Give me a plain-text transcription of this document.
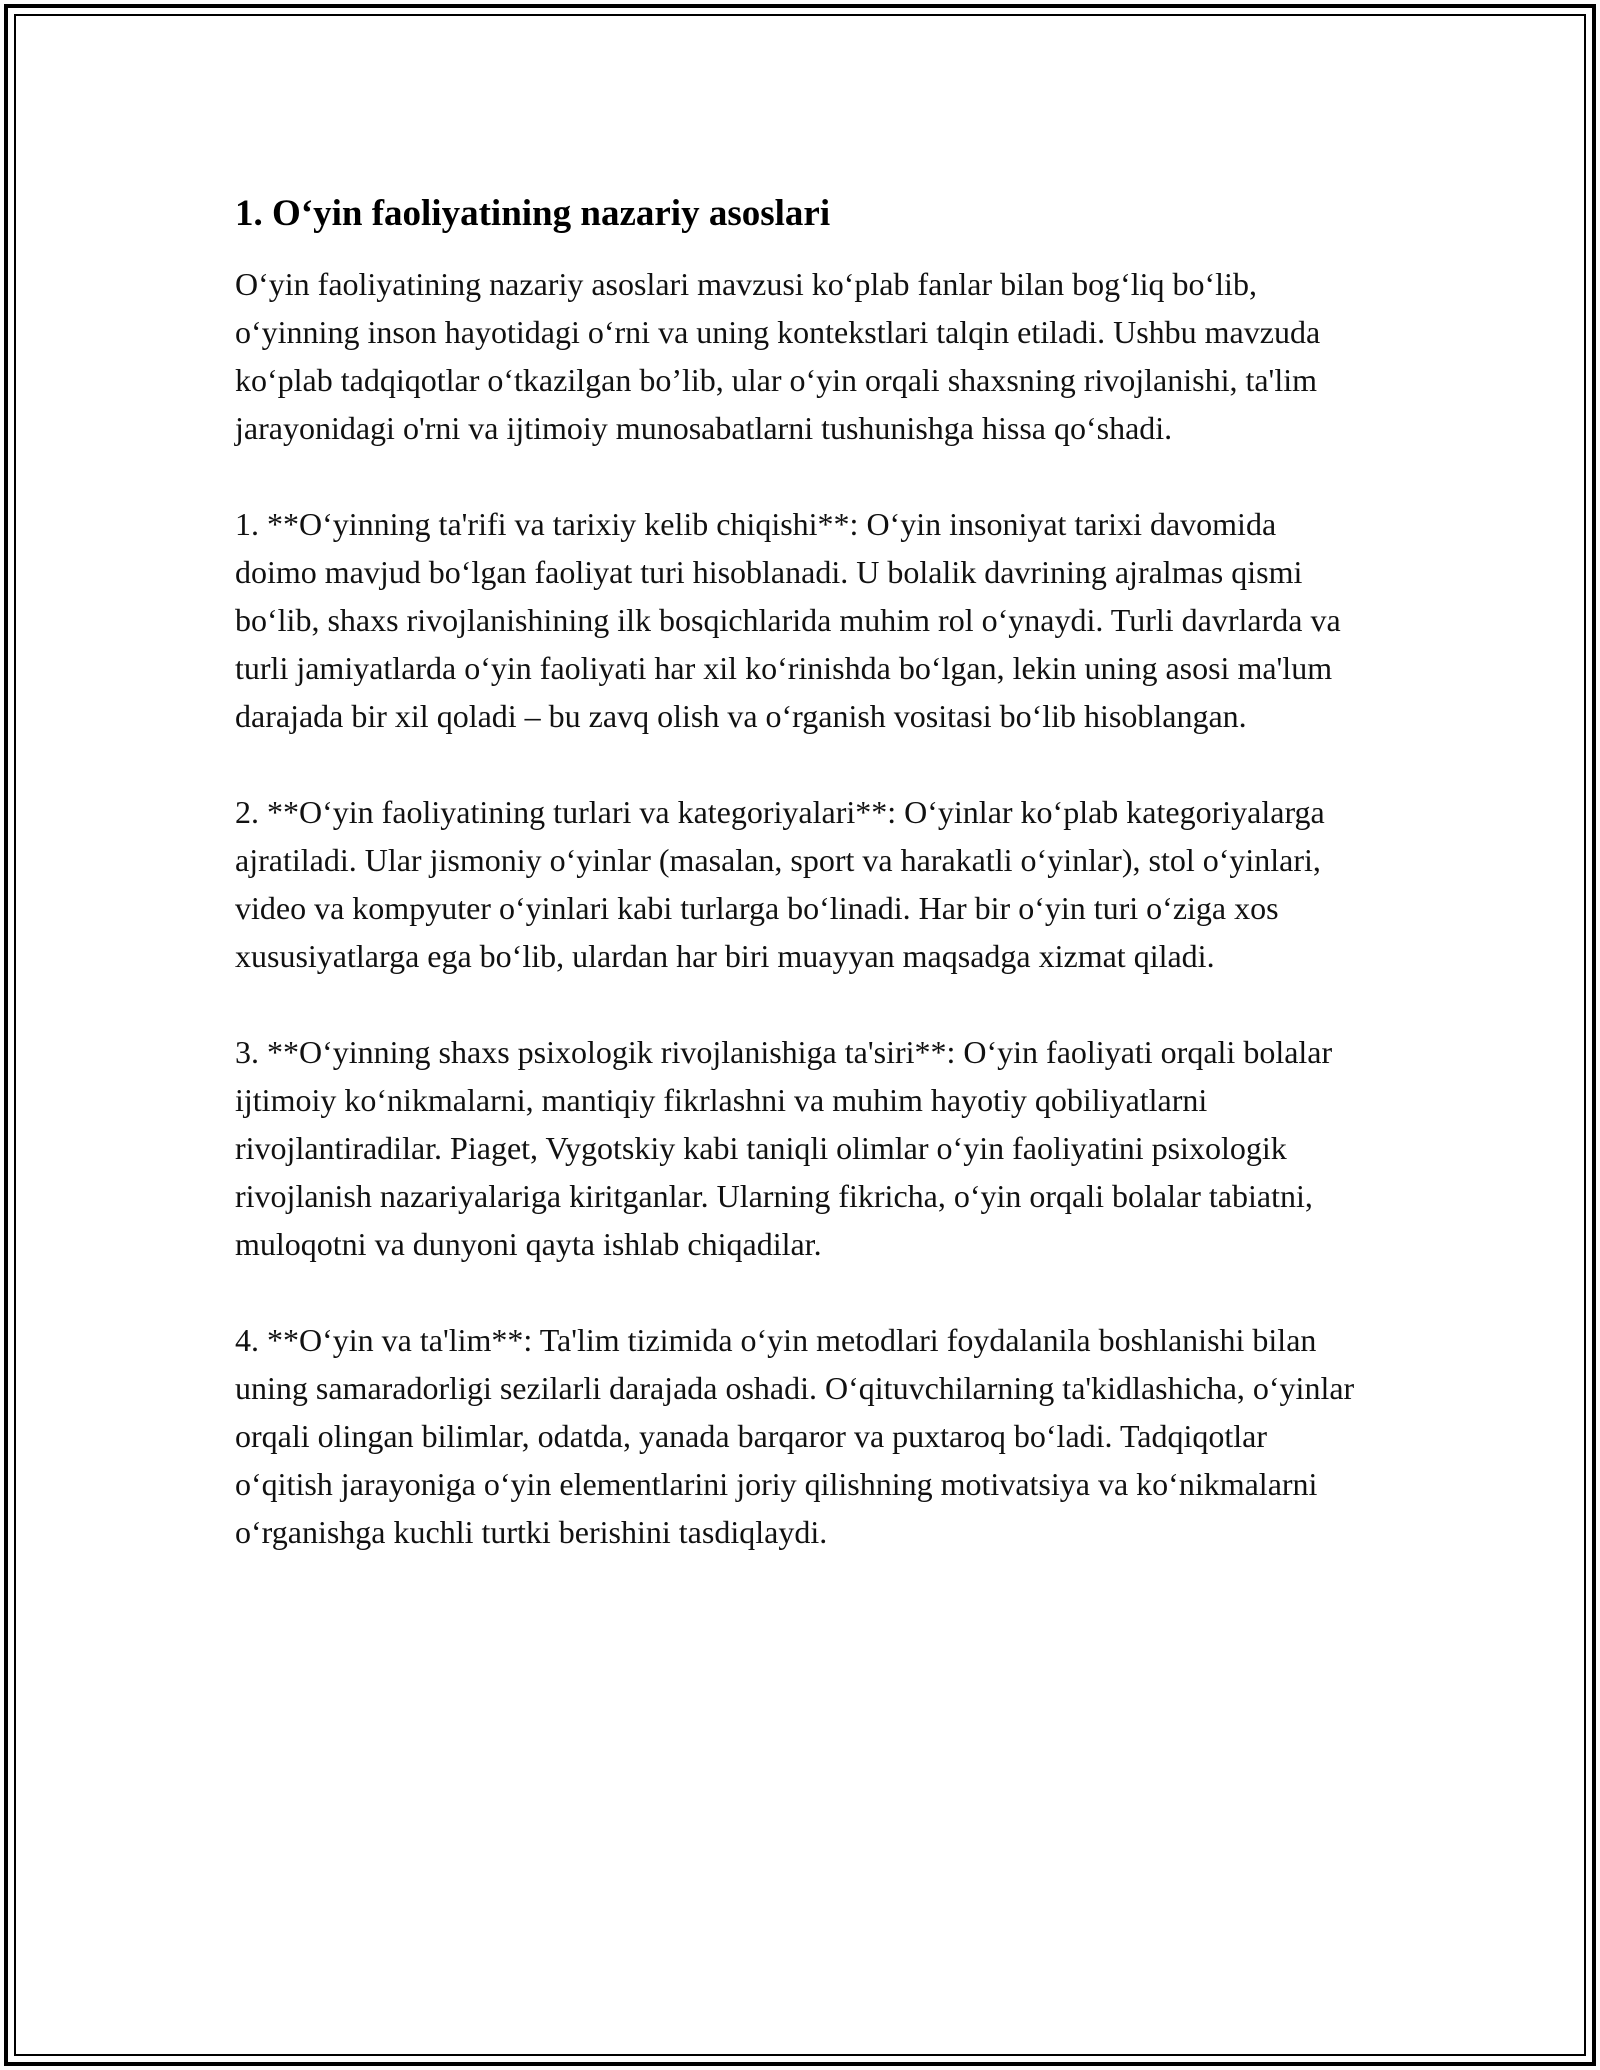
1. O‘yin faoliyatining nazariy asoslari

O‘yin faoliyatining nazariy asoslari mavzusi ko‘plab fanlar bilan bog‘liq bo‘lib, o‘yinning inson hayotidagi o‘rni va uning kontekstlari talqin etiladi. Ushbu mavzuda ko‘plab tadqiqotlar o‘tkazilgan bo’lib, ular o‘yin orqali shaxsning rivojlanishi, ta'lim jarayonidagi o'rni va ijtimoiy munosabatlarni tushunishga hissa qo‘shadi.

1. **O‘yinning ta'rifi va tarixiy kelib chiqishi**: O‘yin insoniyat tarixi davomida doimo mavjud bo‘lgan faoliyat turi hisoblanadi. U bolalik davrining ajralmas qismi bo‘lib, shaxs rivojlanishining ilk bosqichlarida muhim rol o‘ynaydi. Turli davrlarda va turli jamiyatlarda o‘yin faoliyati har xil ko‘rinishda bo‘lgan, lekin uning asosi ma'lum darajada bir xil qoladi – bu zavq olish va o‘rganish vositasi bo‘lib hisoblangan.

2. **O‘yin faoliyatining turlari va kategoriyalari**: O‘yinlar ko‘plab kategoriyalarga ajratiladi. Ular jismoniy o‘yinlar (masalan, sport va harakatli o‘yinlar), stol o‘yinlari, video va kompyuter o‘yinlari kabi turlarga bo‘linadi. Har bir o‘yin turi o‘ziga xos xususiyatlarga ega bo‘lib, ulardan har biri muayyan maqsadga xizmat qiladi.

3. **O‘yinning shaxs psixologik rivojlanishiga ta'siri**: O‘yin faoliyati orqali bolalar ijtimoiy ko‘nikmalarni, mantiqiy fikrlashni va muhim hayotiy qobiliyatlarni rivojlantiradilar. Piaget, Vygotskiy kabi taniqli olimlar o‘yin faoliyatini psixologik rivojlanish nazariyalariga kiritganlar. Ularning fikricha, o‘yin orqali bolalar tabiatni, muloqotni va dunyoni qayta ishlab chiqadilar.

4. **O‘yin va ta'lim**: Ta'lim tizimida o‘yin metodlari foydalanila boshlanishi bilan uning samaradorligi sezilarli darajada oshadi. O‘qituvchilarning ta'kidlashicha, o‘yinlar orqali olingan bilimlar, odatda, yanada barqaror va puxtaroq bo‘ladi. Tadqiqotlar o‘qitish jarayoniga o‘yin elementlarini joriy qilishning motivatsiya va ko‘nikmalarni o‘rganishga kuchli turtki berishini tasdiqlaydi.
